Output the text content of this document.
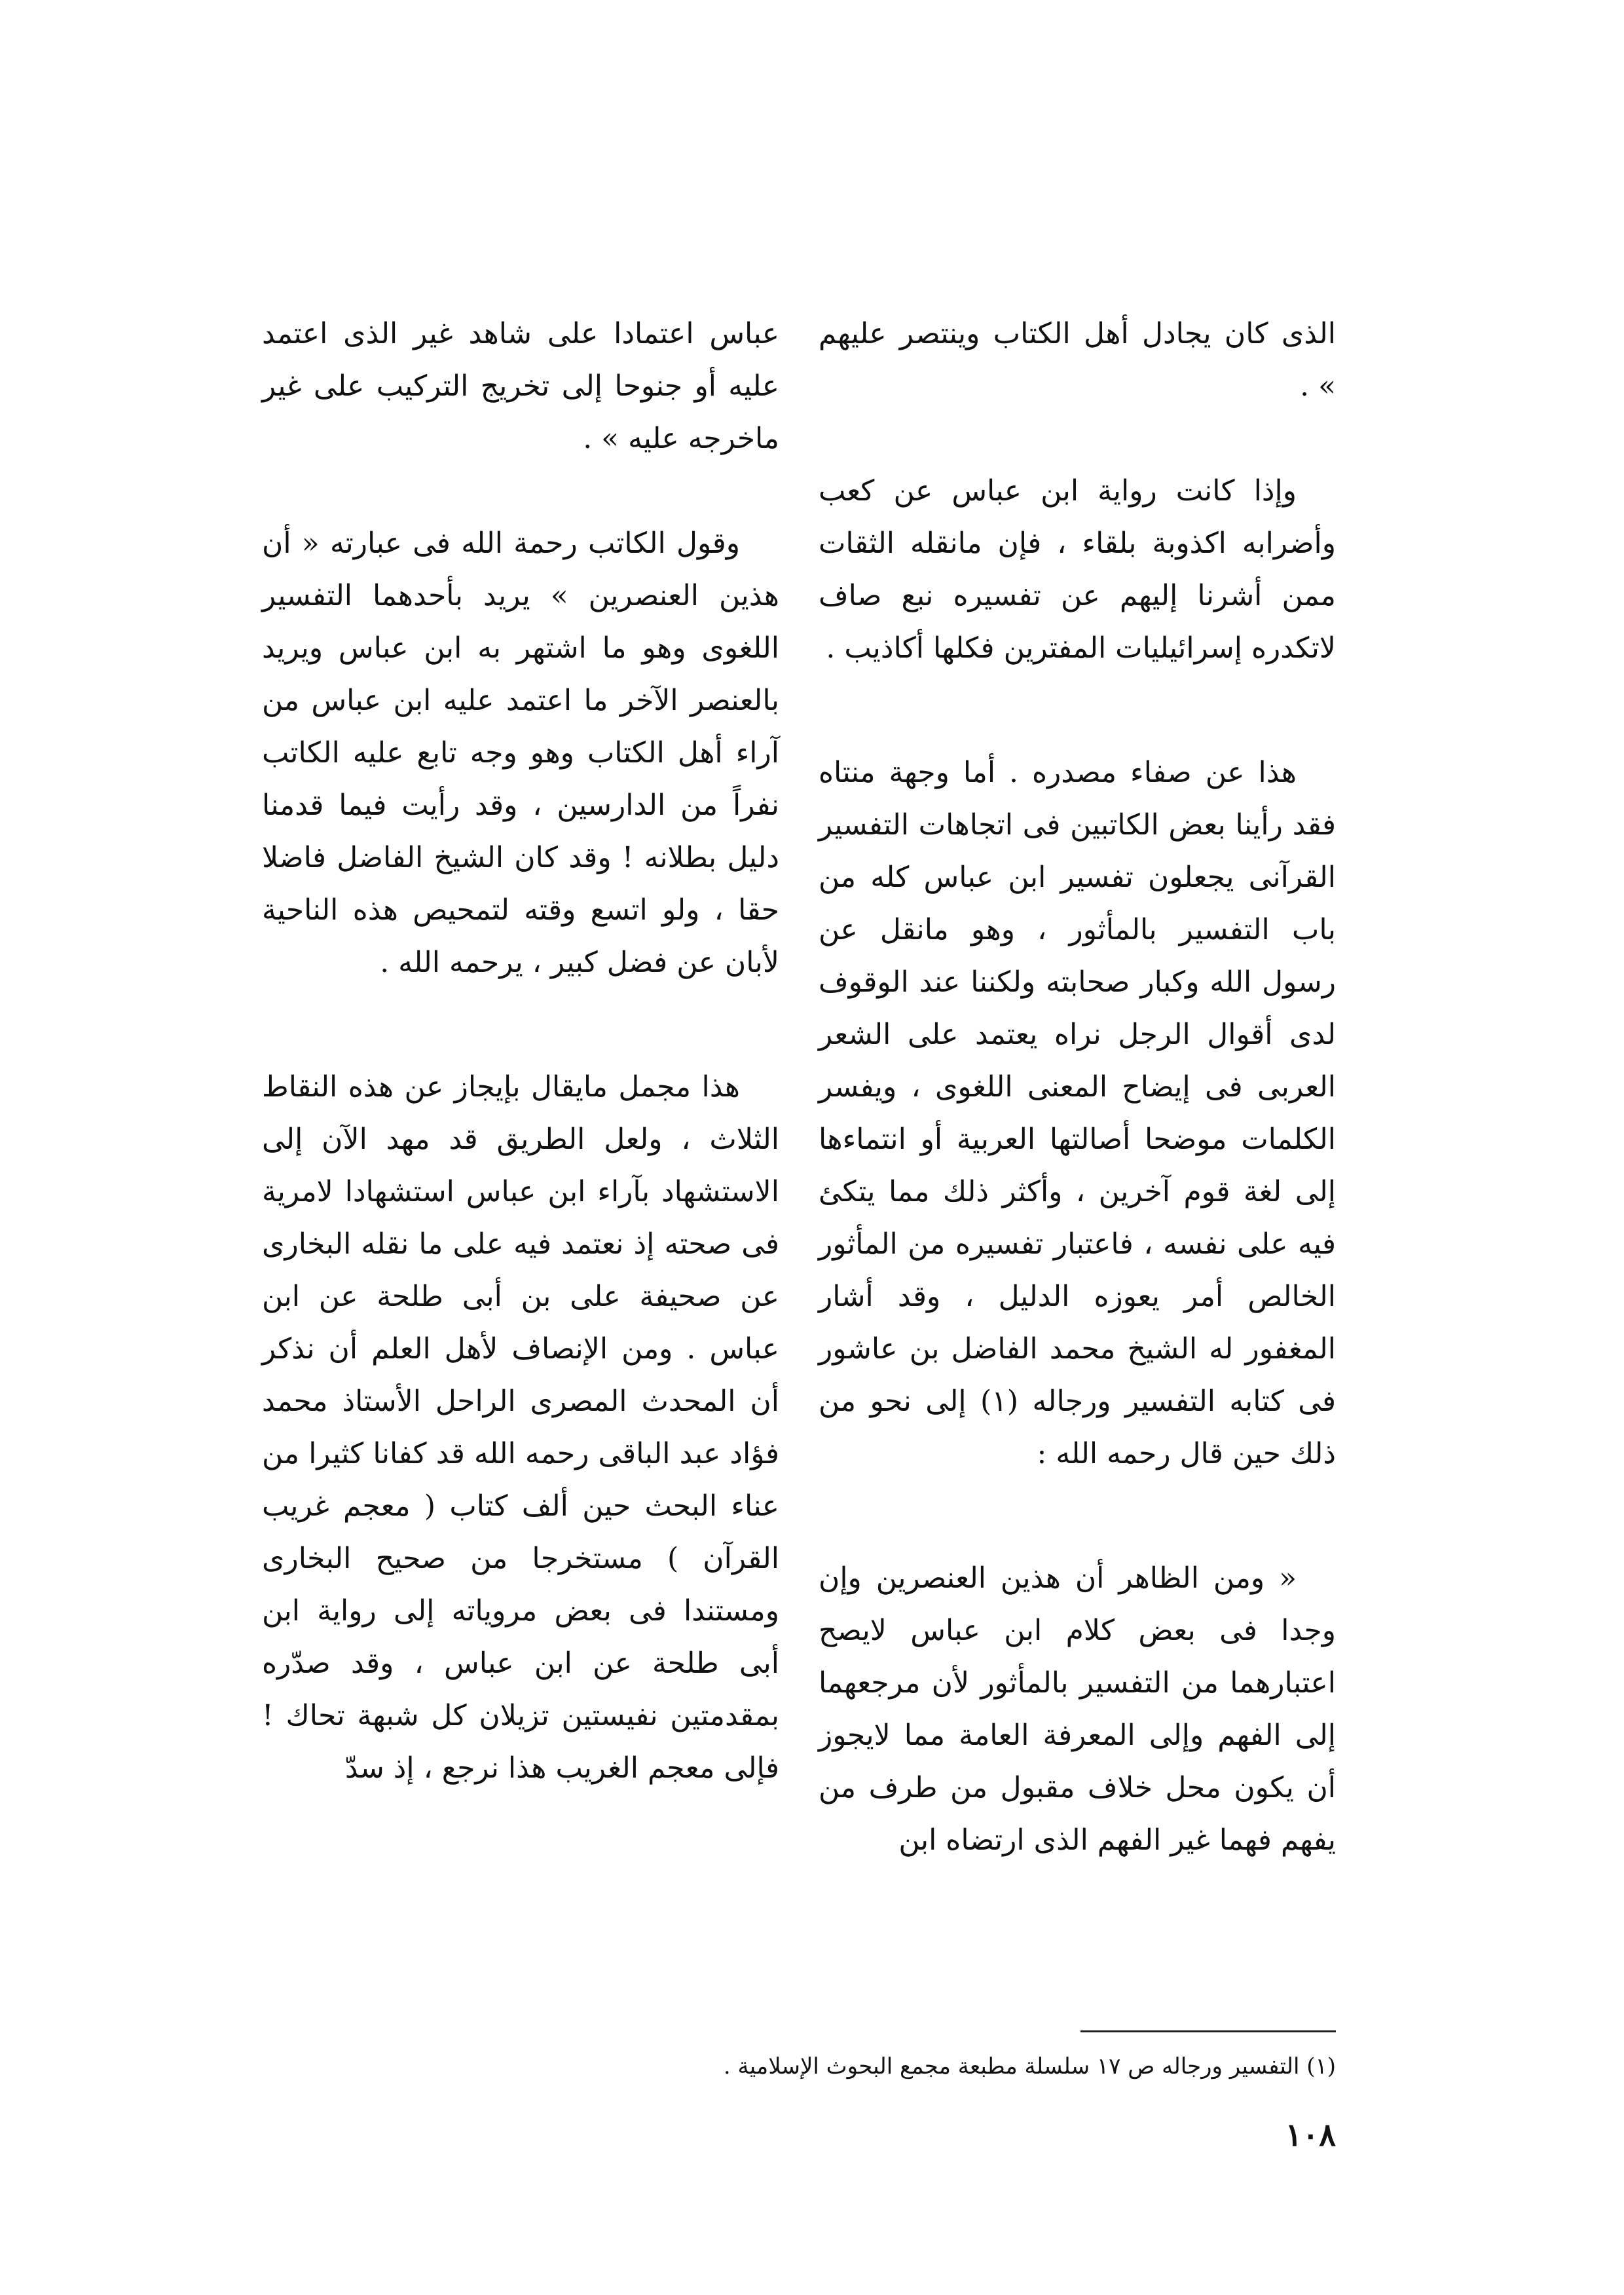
الذى كان يجادل أهل الكتاب وينتصر عليهم » .

وإذا كانت رواية ابن عباس عن كعب وأضرابه اكذوبة بلقاء ، فإن مانقله الثقات ممن أشرنا إليهم عن تفسيره نبع صاف لاتكدره إسرائيليات المفترين فكلها أكاذيب .

هذا عن صفاء مصدره . أما وجهة منتاه فقد رأينا بعض الكاتبين فى اتجاهات التفسير القرآنى يجعلون تفسير ابن عباس كله من باب التفسير بالمأثور ، وهو مانقل عن رسول الله وكبار صحابته ولكننا عند الوقوف لدى أقوال الرجل نراه يعتمد على الشعر العربى فى إيضاح المعنى اللغوى ، ويفسر الكلمات موضحا أصالتها العربية أو انتماءها إلى لغة قوم آخرين ، وأكثر ذلك مما يتكئ فيه على نفسه ، فاعتبار تفسيره من المأثور الخالص أمر يعوزه الدليل ، وقد أشار المغفور له الشيخ محمد الفاضل بن عاشور فى كتابه التفسير ورجاله (١) إلى نحو من ذلك حين قال رحمه الله :

« ومن الظاهر أن هذين العنصرين وإن وجدا فى بعض كلام ابن عباس لايصح اعتبارهما من التفسير بالمأثور لأن مرجعهما إلى الفهم وإلى المعرفة العامة مما لايجوز أن يكون محل خلاف مقبول من طرف من يفهم فهما غير الفهم الذى ارتضاه ابن

عباس اعتمادا على شاهد غير الذى اعتمد عليه أو جنوحا إلى تخريج التركيب على غير ماخرجه عليه » .

وقول الكاتب رحمة الله فى عبارته « أن هذين العنصرين » يريد بأحدهما التفسير اللغوى وهو ما اشتهر به ابن عباس ويريد بالعنصر الآخر ما اعتمد عليه ابن عباس من آراء أهل الكتاب وهو وجه تابع عليه الكاتب نفراً من الدارسين ، وقد رأيت فيما قدمنا دليل بطلانه ! وقد كان الشيخ الفاضل فاضلا حقا ، ولو اتسع وقته لتمحيص هذه الناحية لأبان عن فضل كبير ، يرحمه الله .

هذا مجمل مايقال بإيجاز عن هذه النقاط الثلاث ، ولعل الطريق قد مهد الآن إلى الاستشهاد بآراء ابن عباس استشهادا لامرية فى صحته إذ نعتمد فيه على ما نقله البخارى عن صحيفة على بن أبى طلحة عن ابن عباس . ومن الإنصاف لأهل العلم أن نذكر أن المحدث المصرى الراحل الأستاذ محمد فؤاد عبد الباقى رحمه الله قد كفانا كثيرا من عناء البحث حين ألف كتاب ( معجم غريب القرآن ) مستخرجا من صحيح البخارى ومستندا فى بعض مروياته إلى رواية ابن أبى طلحة عن ابن عباس ، وقد صدّره بمقدمتين نفيستين تزيلان كل شبهة تحاك ! فإلى معجم الغريب هذا نرجع ، إذ سدّ

(١) التفسير ورجاله ص ١٧ سلسلة مطبعة مجمع البحوث الإسلامية .
١٠٨
